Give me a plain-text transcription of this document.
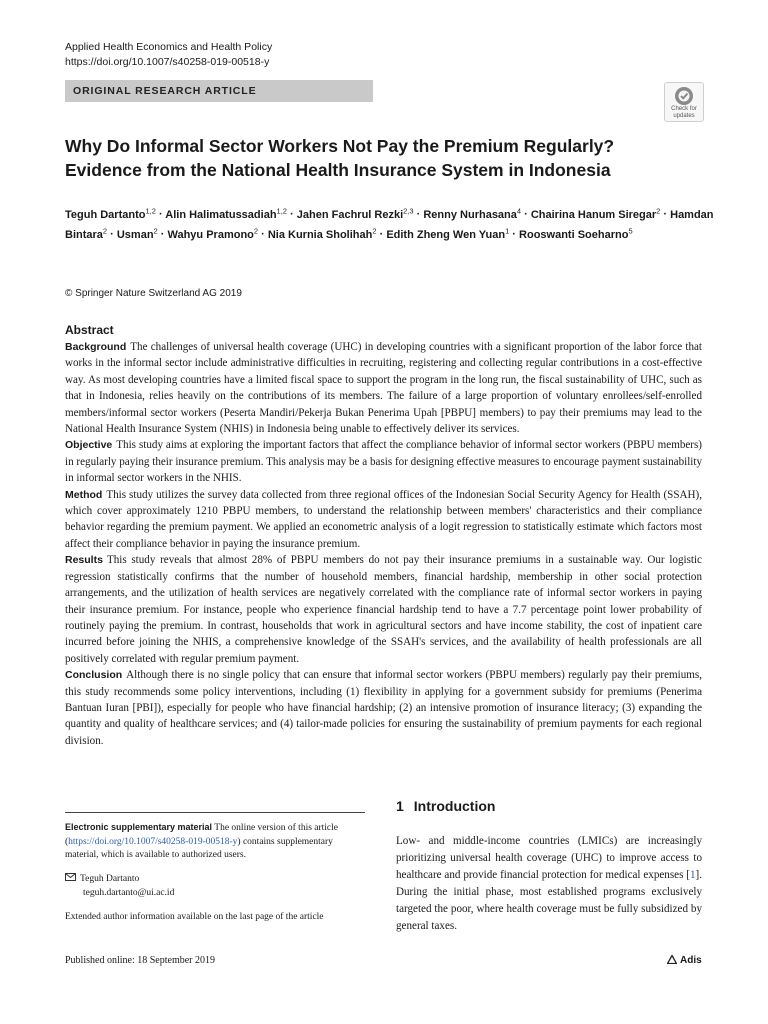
Applied Health Economics and Health Policy
https://doi.org/10.1007/s40258-019-00518-y
ORIGINAL RESEARCH ARTICLE
Check for
updates
Why Do Informal Sector Workers Not Pay the Premium Regularly?
Evidence from the National Health Insurance System in Indonesia
Teguh Dartanto$^{1,2}$ · Alin Halimatussadiah$^{1,2}$ · Jahen Fachrul Rezki$^{2,3}$ · Renny Nurhasana$^4$ · Chairina Hanum Siregar$^2$ · Hamdan Bintara$^2$ · Usman$^2$ · Wahyu Pramono$^2$ · Nia Kurnia Sholihah$^2$ · Edith Zheng Wen Yuan$^1$ · Rooswanti Soeharno$^5$
© Springer Nature Switzerland AG 2019
Abstract

Background The challenges of universal health coverage (UHC) in developing countries with a significant proportion of the labor force that works in the informal sector include administrative difficulties in recruiting, registering and collecting regular contributions in a cost-effective way. As most developing countries have a limited fiscal space to support the program in the long run, the fiscal sustainability of UHC, such as that in Indonesia, relies heavily on the contributions of its members. The failure of a large proportion of voluntary enrollees/self-enrolled members/informal sector workers (Peserta Mandiri/Pekerja Bukan Penerima Upah [PBPU] members) to pay their premiums may lead to the National Health Insurance System (NHIS) in Indonesia being unable to effectively deliver its services.

Objective This study aims at exploring the important factors that affect the compliance behavior of informal sector workers (PBPU members) in regularly paying their insurance premium. This analysis may be a basis for designing effective measures to encourage payment sustainability in informal sector workers in the NHIS.

Method This study utilizes the survey data collected from three regional offices of the Indonesian Social Security Agency for Health (SSAH), which cover approximately 1210 PBPU members, to understand the relationship between members' characteristics and their compliance behavior regarding the premium payment. We applied an econometric analysis of a logit regression to statistically estimate which factors most affect their compliance behavior in paying the insurance premium.

Results This study reveals that almost 28% of PBPU members do not pay their insurance premiums in a sustainable way. Our logistic regression statistically confirms that the number of household members, financial hardship, membership in other social protection arrangements, and the utilization of health services are negatively correlated with the compliance rate of informal sector workers in paying their insurance premium. For instance, people who experience financial hardship tend to have a 7.7 percentage point lower probability of routinely paying the premium. In contrast, households that work in agricultural sectors and have income stability, the cost of inpatient care incurred before joining the NHIS, a comprehensive knowledge of the SSAH's services, and the availability of health professionals are all positively correlated with regular premium payment.

Conclusion Although there is no single policy that can ensure that informal sector workers (PBPU members) regularly pay their premiums, this study recommends some policy interventions, including (1) flexibility in applying for a government subsidy for premiums (Penerima Bantuan Iuran [PBI]), especially for people who have financial hardship; (2) an intensive promotion of insurance literacy; (3) expanding the quantity and quality of healthcare services; and (4) tailor-made policies for ensuring the sustainability of premium payments for each regional division.

Electronic supplementary material The online version of this article (https://doi.org/10.1007/s40258-019-00518-y) contains supplementary material, which is available to authorized users.
Teguh Dartanto
teguh.dartanto@ui.ac.id
Extended author information available on the last page of the article
1 Introduction

Low- and middle-income countries (LMICs) are increasingly prioritizing universal health coverage (UHC) to improve access to healthcare and provide financial protection for medical expenses [1]. During the initial phase, most established programs exclusively targeted the poor, where health coverage must be fully subsidized by general taxes.

Published online: 18 September 2019	Adis
